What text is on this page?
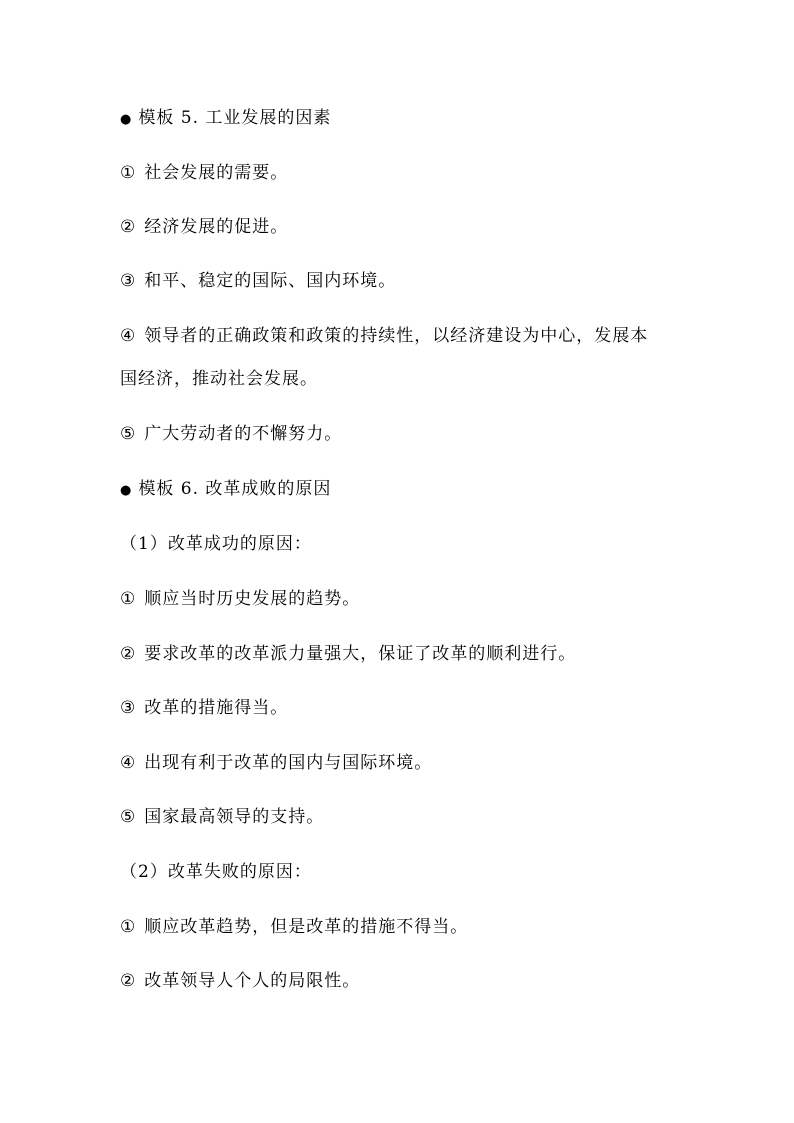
● 模板 5. 工业发展的因素
① 社会发展的需要。
② 经济发展的促进。
③ 和平、稳定的国际、国内环境。
④ 领导者的正确政策和政策的持续性，以经济建设为中心，发展本
国经济，推动社会发展。
⑤ 广大劳动者的不懈努力。
● 模板 6. 改革成败的原因
（1）改革成功的原因：
① 顺应当时历史发展的趋势。
② 要求改革的改革派力量强大，保证了改革的顺利进行。
③ 改革的措施得当。
④ 出现有利于改革的国内与国际环境。
⑤ 国家最高领导的支持。
（2）改革失败的原因：
① 顺应改革趋势，但是改革的措施不得当。
② 改革领导人个人的局限性。
